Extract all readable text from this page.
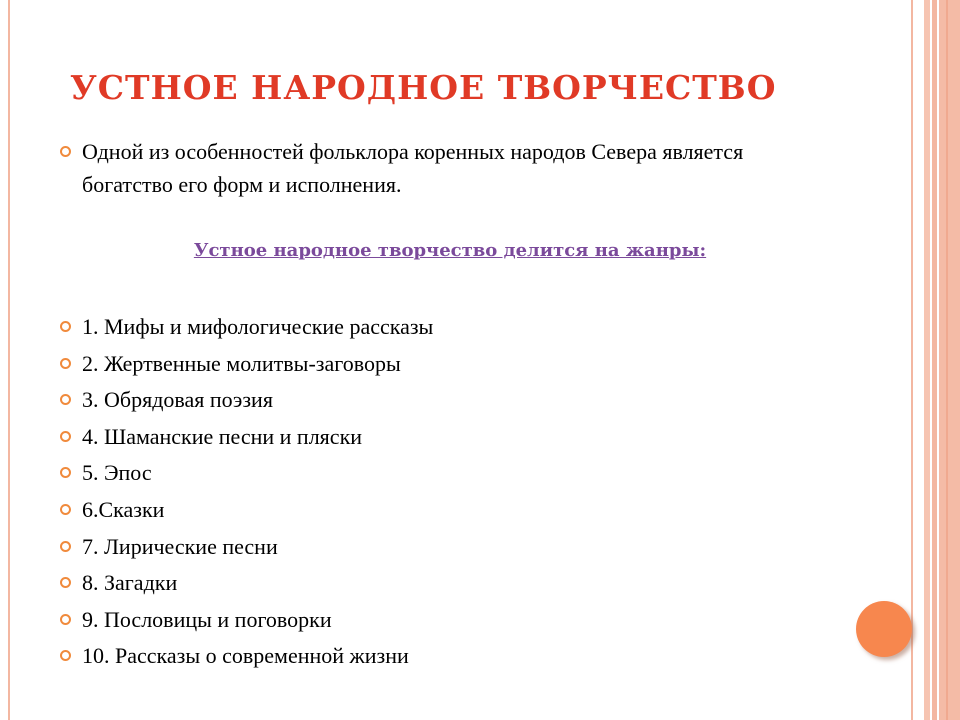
УСТНОЕ НАРОДНОЕ ТВОРЧЕСТВО
Одной из особенностей фольклора коренных народов Севера является богатство его форм и исполнения.
Устное народное творчество делится на жанры:
1. Мифы и мифологические рассказы
2. Жертвенные молитвы-заговоры
3. Обрядовая поэзия
4. Шаманские песни и пляски
5. Эпос
6.Сказки
7. Лирические песни
8. Загадки
9. Пословицы и поговорки
10. Рассказы о современной жизни
